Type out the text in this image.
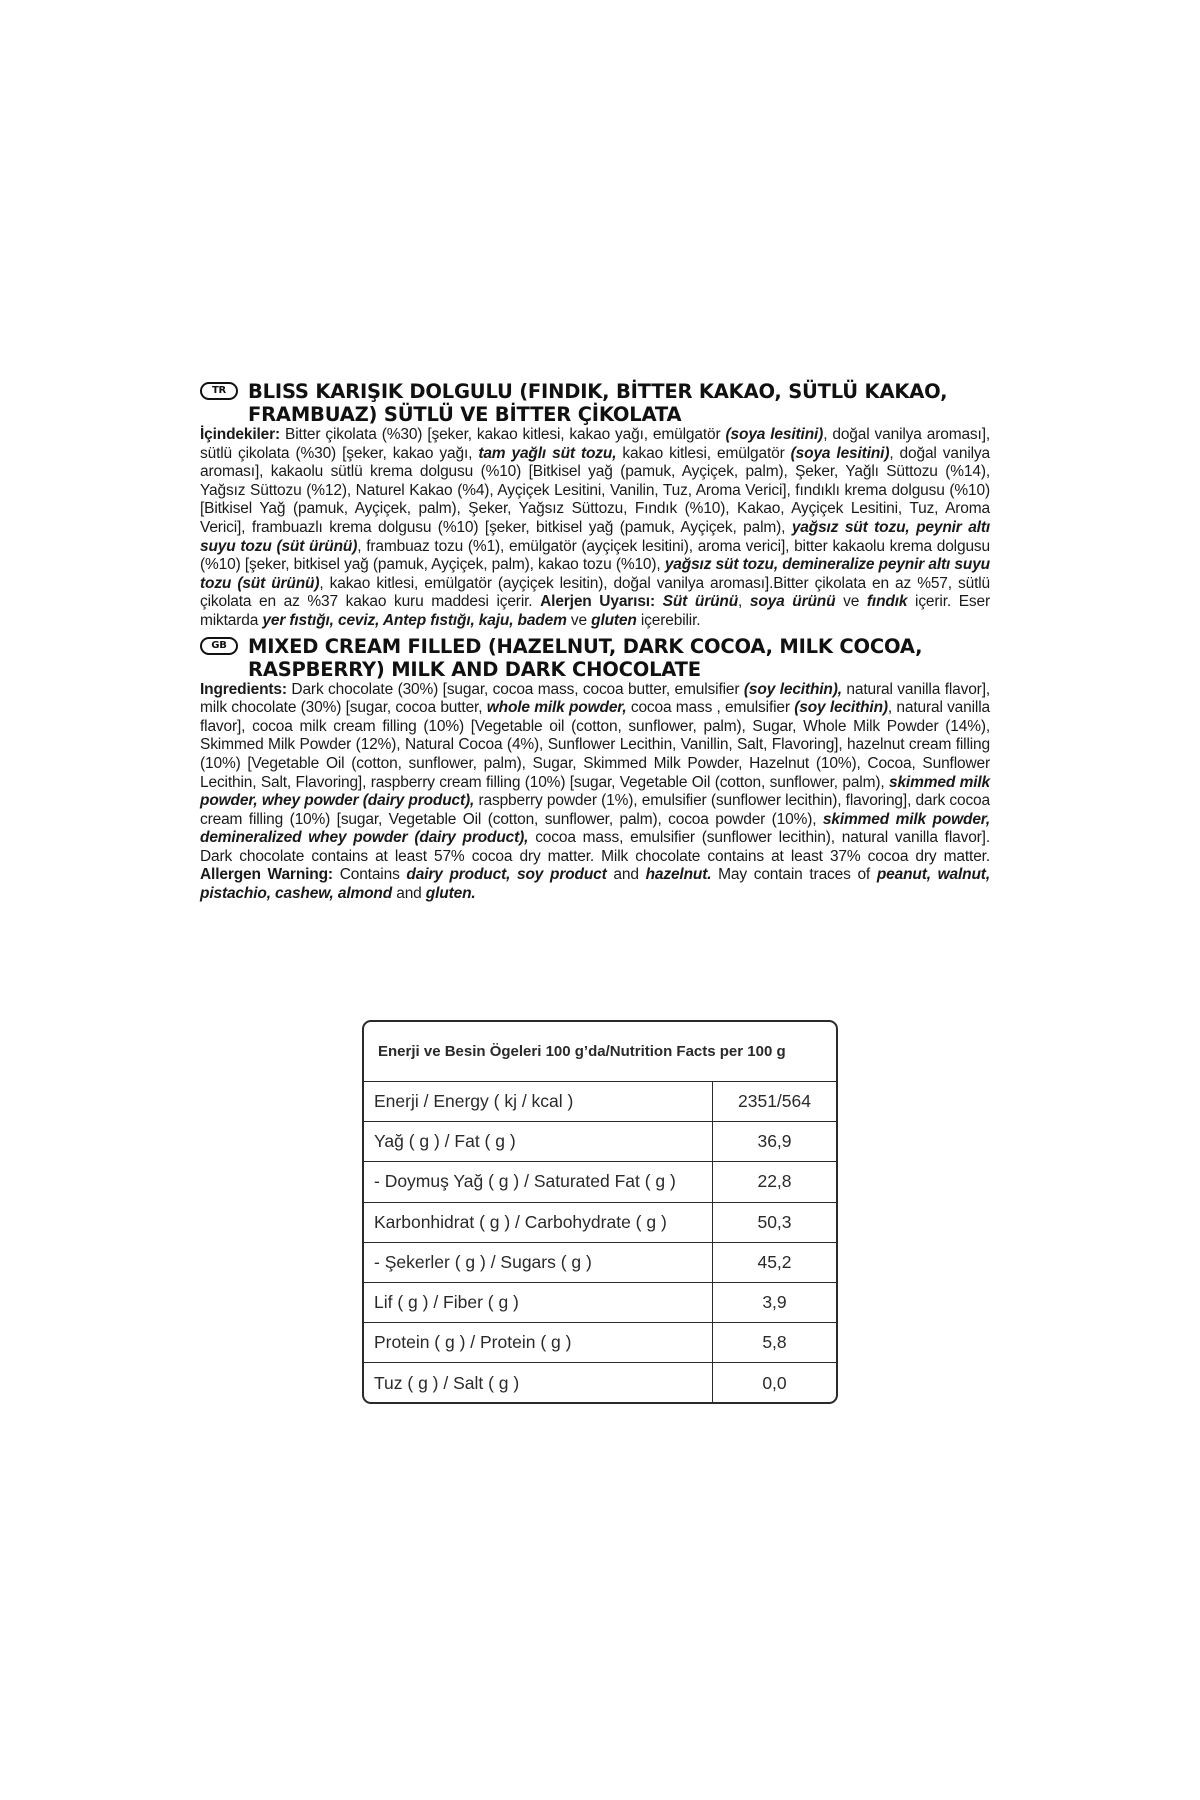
TR	BLISS KARIŞIK DOLGULU (FINDIK, BİTTER KAKAO, SÜTLÜ KAKAO, FRAMBUAZ) SÜTLÜ VE BİTTER ÇİKOLATA

İçindekiler: Bitter çikolata (%30) [şeker, kakao kitlesi, kakao yağı, emülgatör (soya lesitini), doğal vanilya aroması], sütlü çikolata (%30) [şeker, kakao yağı, tam yağlı süt tozu, kakao kitlesi, emülgatör (soya lesitini), doğal vanilya aroması], kakaolu sütlü krema dolgusu (%10) [Bitkisel yağ (pamuk, Ayçiçek, palm), Şeker, Yağlı Süttozu (%14), Yağsız Süttozu (%12), Naturel Kakao (%4), Ayçiçek Lesitini, Vanilin, Tuz, Aroma Verici], fındıklı krema dolgusu (%10) [Bitkisel Yağ (pamuk, Ayçiçek, palm), Şeker, Yağsız Süttozu, Fındık (%10), Kakao, Ayçiçek Lesitini, Tuz, Aroma Verici], frambuazlı krema dolgusu (%10) [şeker, bitkisel yağ (pamuk, Ayçiçek, palm), yağsız süt tozu, peynir altı suyu tozu (süt ürünü), frambuaz tozu (%1), emülgatör (ayçiçek lesitini), aroma verici], bitter kakaolu krema dolgusu (%10) [şeker, bitkisel yağ (pamuk, Ayçiçek, palm), kakao tozu (%10), yağsız süt tozu, demineralize peynir altı suyu tozu (süt ürünü), kakao kitlesi, emülgatör (ayçiçek lesitin), doğal vanilya aroması].Bitter çikolata en az %57, sütlü çikolata en az %37 kakao kuru maddesi içerir. Alerjen Uyarısı: Süt ürünü, soya ürünü ve fındık içerir. Eser miktarda yer fıstığı, ceviz, Antep fıstığı, kaju, badem ve gluten içerebilir.

GB	MIXED CREAM FILLED (HAZELNUT, DARK COCOA, MILK COCOA, RASPBERRY) MILK AND DARK CHOCOLATE

Ingredients: Dark chocolate (30%) [sugar, cocoa mass, cocoa butter, emulsifier (soy lecithin), natural vanilla flavor], milk chocolate (30%) [sugar, cocoa butter, whole milk powder, cocoa mass , emulsifier (soy lecithin), natural vanilla flavor], cocoa milk cream filling (10%) [Vegetable oil (cotton, sunflower, palm), Sugar, Whole Milk Powder (14%), Skimmed Milk Powder (12%), Natural Cocoa (4%), Sunflower Lecithin, Vanillin, Salt, Flavoring], hazelnut cream filling (10%) [Vegetable Oil (cotton, sunflower, palm), Sugar, Skimmed Milk Powder, Hazelnut (10%), Cocoa, Sunflower Lecithin, Salt, Flavoring], raspberry cream filling (10%) [sugar, Vegetable Oil (cotton, sunflower, palm), skimmed milk powder, whey powder (dairy product), raspberry powder (1%), emulsifier (sunflower lecithin), flavoring], dark cocoa cream filling (10%) [sugar, Vegetable Oil (cotton, sunflower, palm), cocoa powder (10%), skimmed milk powder, demineralized whey powder (dairy product), cocoa mass, emulsifier (sunflower lecithin), natural vanilla flavor]. Dark chocolate contains at least 57% cocoa dry matter. Milk chocolate contains at least 37% cocoa dry matter. Allergen Warning: Contains dairy product, soy product and hazelnut. May contain traces of peanut, walnut, pistachio, cashew, almond and gluten.

Enerji ve Besin Ögeleri 100 g’da/Nutrition Facts per 100 g
Enerji / Energy ( kj / kcal )	2351/564
Yağ ( g ) / Fat ( g )	36,9
- Doymuş Yağ ( g ) / Saturated Fat ( g )	22,8
Karbonhidrat ( g ) / Carbohydrate ( g )	50,3
- Şekerler ( g ) / Sugars ( g )	45,2
Lif ( g ) / Fiber ( g )	3,9
Protein ( g ) / Protein ( g )	5,8
Tuz ( g ) / Salt ( g )	0,0
